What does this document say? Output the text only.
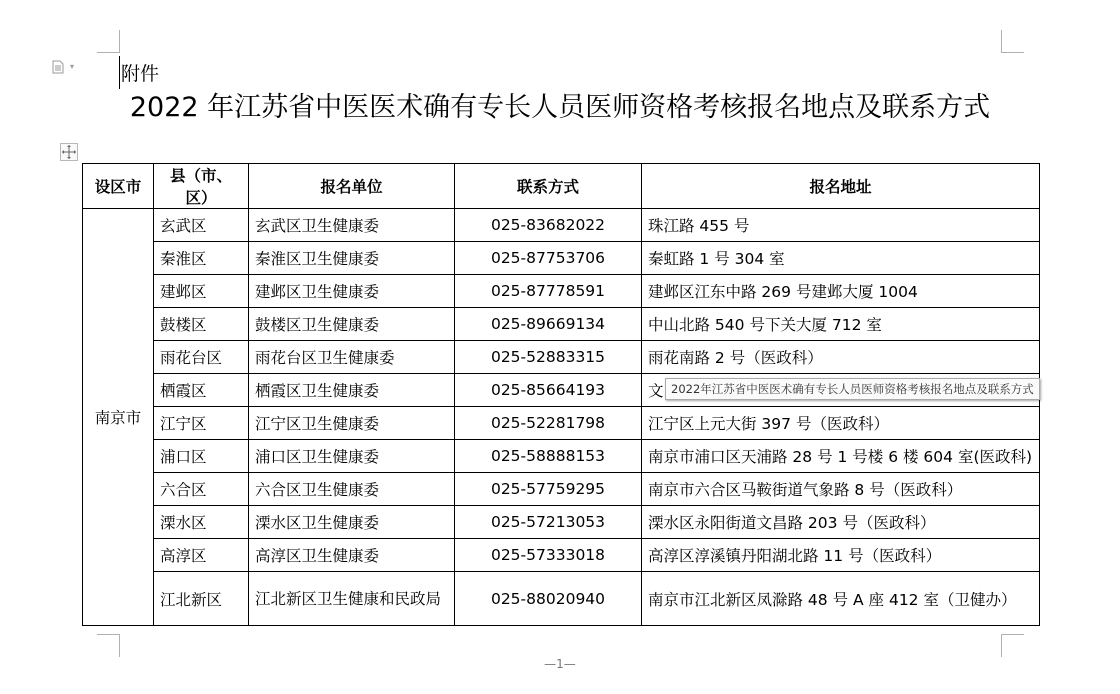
▾ 附件
2022 年江苏省中医医术确有专长人员医师资格考核报名地点及联系方式
设区市	县（市、区）	报名单位	联系方式	报名地址
南京市	玄武区	玄武区卫生健康委	025-83682022	珠江路 455 号
	秦淮区	秦淮区卫生健康委	025-87753706	秦虹路 1 号 304 室
	建邺区	建邺区卫生健康委	025-87778591	建邺区江东中路 269 号建邺大厦 1004
	鼓楼区	鼓楼区卫生健康委	025-89669134	中山北路 540 号下关大厦 712 室
	雨花台区	雨花台区卫生健康委	025-52883315	雨花南路 2 号（医政科）
	栖霞区	栖霞区卫生健康委	025-85664193	文
	江宁区	江宁区卫生健康委	025-52281798	江宁区上元大街 397 号（医政科）
	浦口区	浦口区卫生健康委	025-58888153	南京市浦口区天浦路 28 号 1 号楼 6 楼 604 室(医政科)
	六合区	六合区卫生健康委	025-57759295	南京市六合区马鞍街道气象路 8 号（医政科）
	溧水区	溧水区卫生健康委	025-57213053	溧水区永阳街道文昌路 203 号（医政科）
	高淳区	高淳区卫生健康委	025-57333018	高淳区淳溪镇丹阳湖北路 11 号（医政科）
	江北新区	江北新区卫生健康和民政局	025-88020940	南京市江北新区凤滁路 48 号 A 座 412 室（卫健办）
2022年江苏省中医医术确有专长人员医师资格考核报名地点及联系方式
—1—
